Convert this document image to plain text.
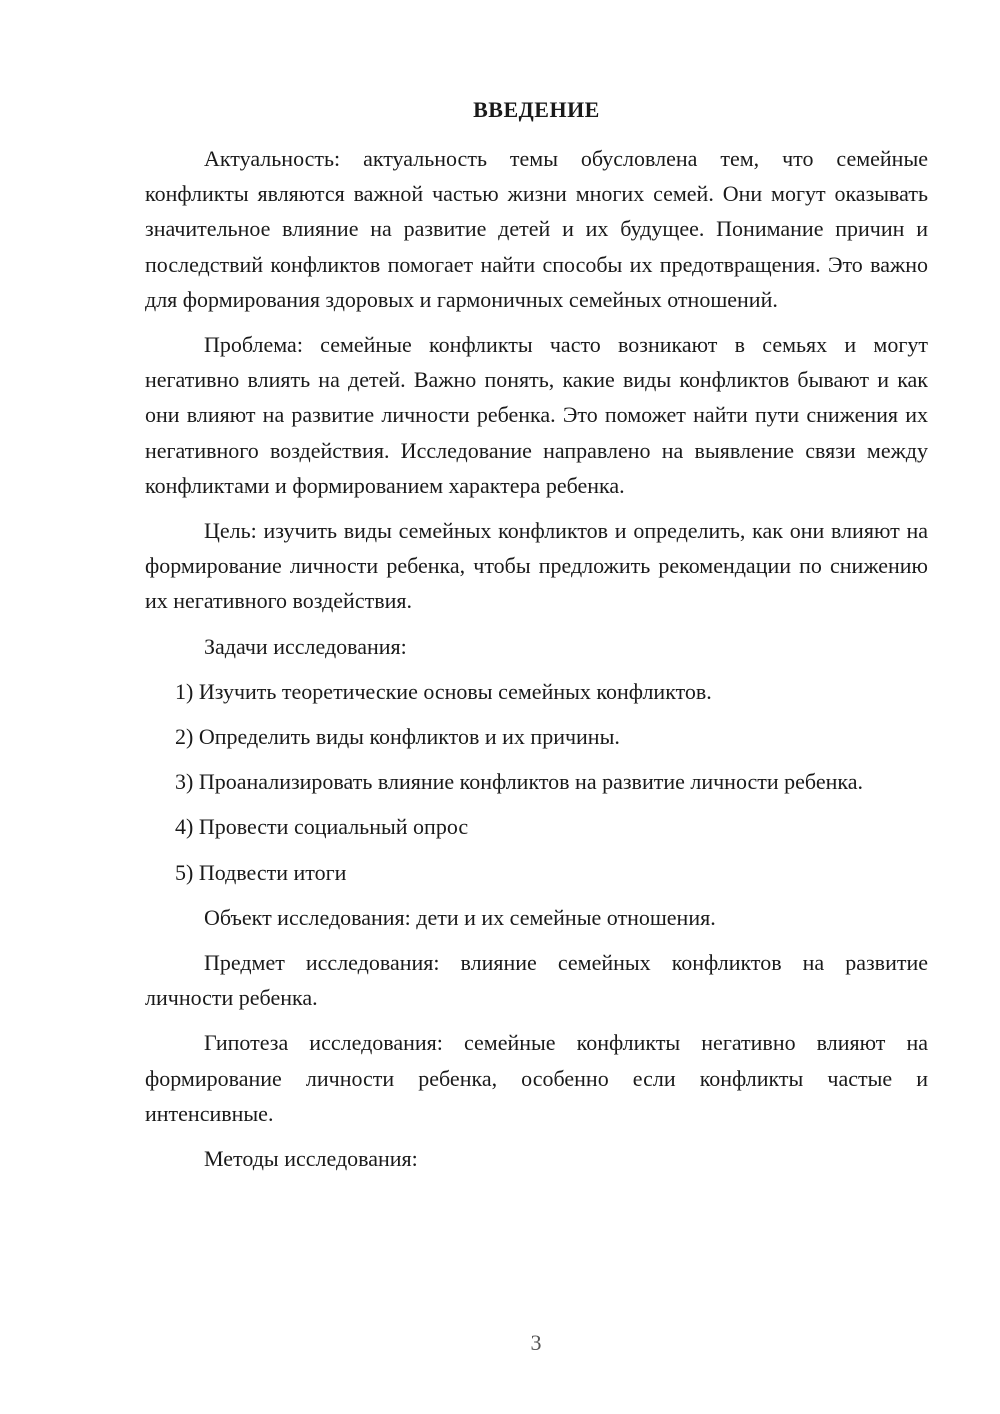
ВВЕДЕНИЕ

Актуальность: актуальность темы обусловлена тем, что семейные конфликты являются важной частью жизни многих семей. Они могут оказывать значительное влияние на развитие детей и их будущее. Понимание причин и последствий конфликтов помогает найти способы их предотвращения. Это важно для формирования здоровых и гармоничных семейных отношений.

Проблема: семейные конфликты часто возникают в семьях и могут негативно влиять на детей. Важно понять, какие виды конфликтов бывают и как они влияют на развитие личности ребенка. Это поможет найти пути снижения их негативного воздействия. Исследование направлено на выявление связи между конфликтами и формированием характера ребенка.

Цель: изучить виды семейных конфликтов и определить, как они влияют на формирование личности ребенка, чтобы предложить рекомендации по снижению их негативного воздействия.

Задачи исследования:

1) Изучить теоретические основы семейных конфликтов.

2) Определить виды конфликтов и их причины.

3) Проанализировать влияние конфликтов на развитие личности ребенка.

4) Провести социальный опрос

5) Подвести итоги

Объект исследования: дети и их семейные отношения.

Предмет исследования: влияние семейных конфликтов на развитие личности ребенка.

Гипотеза исследования: семейные конфликты негативно влияют на формирование личности ребенка, особенно если конфликты частые и интенсивные.

Методы исследования:

3
